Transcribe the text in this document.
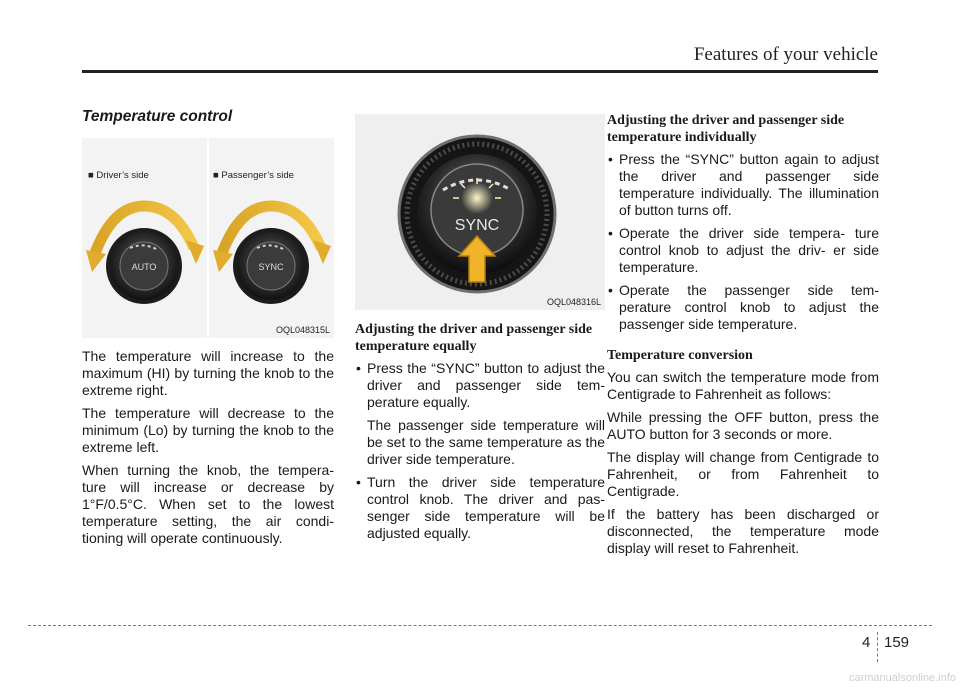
Features of your vehicle
Temperature control
■ Driver’s side	■ Passenger’s side
AUTO	SYNC
OQL048315L

The temperature will increase to the maximum (HI) by turning the knob to the extreme right.

The temperature will decrease to the minimum (Lo) by turning the knob to the extreme left.

When turning the knob, the tempera- ture will increase or decrease by 1°F/0.5°C. When set to the lowest temperature setting, the air condi- tioning will operate continuously.

SYNC
OQL048316L
Adjusting the driver and passenger side temperature equally
• Press the “SYNC” button to adjust the driver and passenger side tem- perature equally.

The passenger side temperature will be set to the same temperature as the driver side temperature.

• Turn the driver side temperature control knob. The driver and pas- senger side temperature will be adjusted equally.
Adjusting the driver and passenger side temperature individually
• Press the “SYNC” button again to adjust the driver and passenger side temperature individually. The illumination of button turns off.
• Operate the driver side tempera- ture control knob to adjust the driv- er side temperature.
• Operate the passenger side tem- perature control knob to adjust the passenger side temperature.
Temperature conversion

You can switch the temperature mode from Centigrade to Fahrenheit as follows:

While pressing the OFF button, press the AUTO button for 3 seconds or more.

The display will change from Centigrade to Fahrenheit, or from Fahrenheit to Centigrade.

If the battery has been discharged or disconnected, the temperature mode display will reset to Fahrenheit.

4 159
carmanualsonline.info
